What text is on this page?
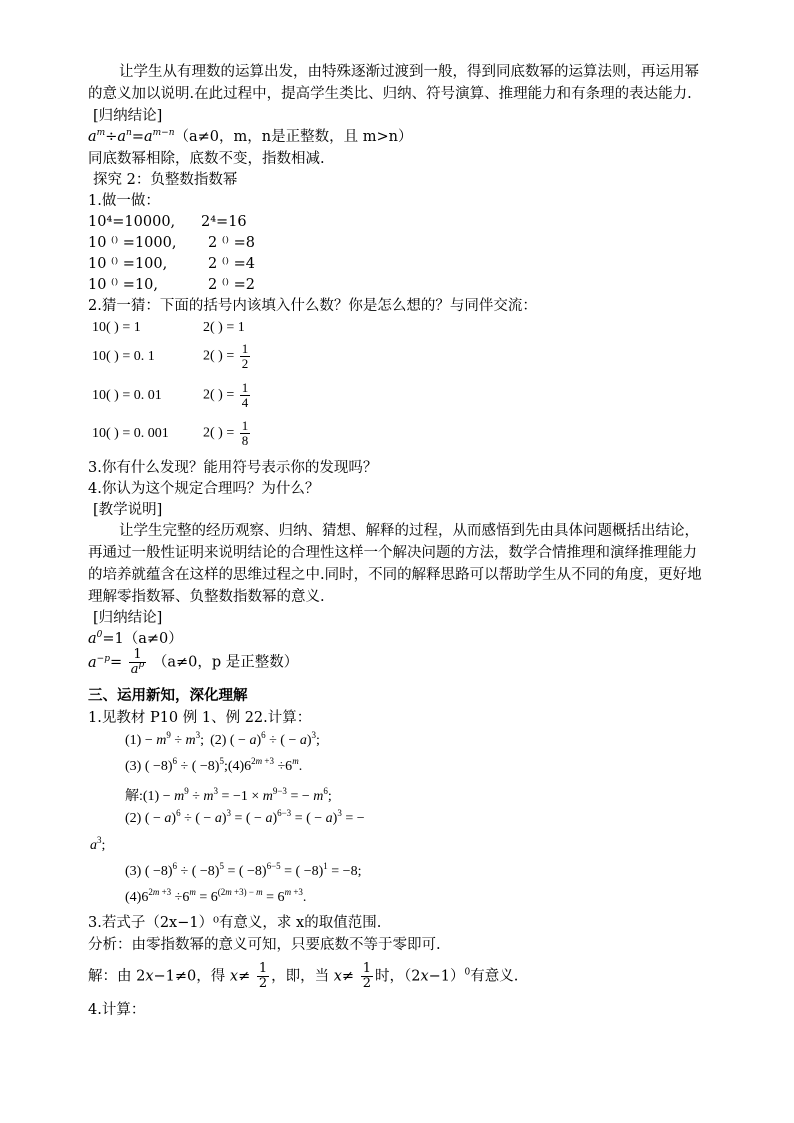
让学生从有理数的运算出发，由特殊逐渐过渡到一般，得到同底数幂的运算法则，再运用幂
的意义加以说明.在此过程中，提高学生类比、归纳、符号演算、推理能力和有条理的表达能力.
[归纳结论]
$a^m\div a^n=a^{m-n}(a\ne 0$，m，n是正整数，且 m>n）
同底数幂相除，底数不变，指数相减.
探究 2：负整数指数幂
1.做一做：
10⁴=10000, 2⁴=16
10 ⁽⁾ =1000, 2 ⁽⁾ =8
10 ⁽⁾ =100,	2 ⁽⁾ =4
10 ⁽⁾ =10,	2 ⁽⁾ =2
2.猜一猜：下面的括号内该填入什么数？你是怎么想的？与同伴交流：
10( ) = 1	2( ) = 1
10( ) = 0. 1	2( ) = $\frac{1}{2}$
10( ) = 0. 01	2( ) = $\frac{1}{4}$
10( ) = 0. 001 2( ) = $\frac{1}{8}$
3.你有什么发现？能用符号表示你的发现吗？
4.你认为这个规定合理吗？为什么？
[教学说明]
让学生完整的经历观察、归纳、猜想、解释的过程，从而感悟到先由具体问题概括出结论，
再通过一般性证明来说明结论的合理性这样一个解决问题的方法，数学合情推理和演绎推理能力
的培养就蕴含在这样的思维过程之中.同时，不同的解释思路可以帮助学生从不同的角度，更好地
理解零指数幂、负整数指数幂的意义.
[归纳结论]
$a^0=1(a\ne 0)$
$a^{-p}= \frac{1}{a^p} (a\ne 0$，p 是正整数）
三、运用新知，深化理解
1.见教材 P10 例 1、例 22.计算：
$(1) - m^9 \div m^3$; (2) ( − a)$^6$ ÷ ( − a)$^3$;
(3) ( −8)$^6$ ÷ ( $-8)^5;(4)6^{2m +3} \div 6^m$.
解:(1) − $m^9 \div m^3 = -1 \times m^{9-3}$ = − $m^6$;
(2) ( − a)$^6$ ÷ ( − a)$^3$ = ( − a)$^{6-3}$ = ( − a)$^3$ = −
$a^3$;
(3) ( −8)$^6$ ÷ ( −8)$^5$ = ( −8)$^{6-5}$ = ( −8)$^1$ = −8;
$(4)6^{2m +3} \div 6^m = 6^{(2m +3) - m} = 6^{m +3}$.
3.若式子（2x−1）⁰有意义，求 x的取值范围.
分析：由零指数幂的意义可知，只要底数不等于零即可.
解：由 2x−1≠0，得 $x\ne \frac{1}{2}$ ，即，当 $x\ne \frac{1}{2}$ 时，$(2x-1)^0$有意义.
4.计算：
